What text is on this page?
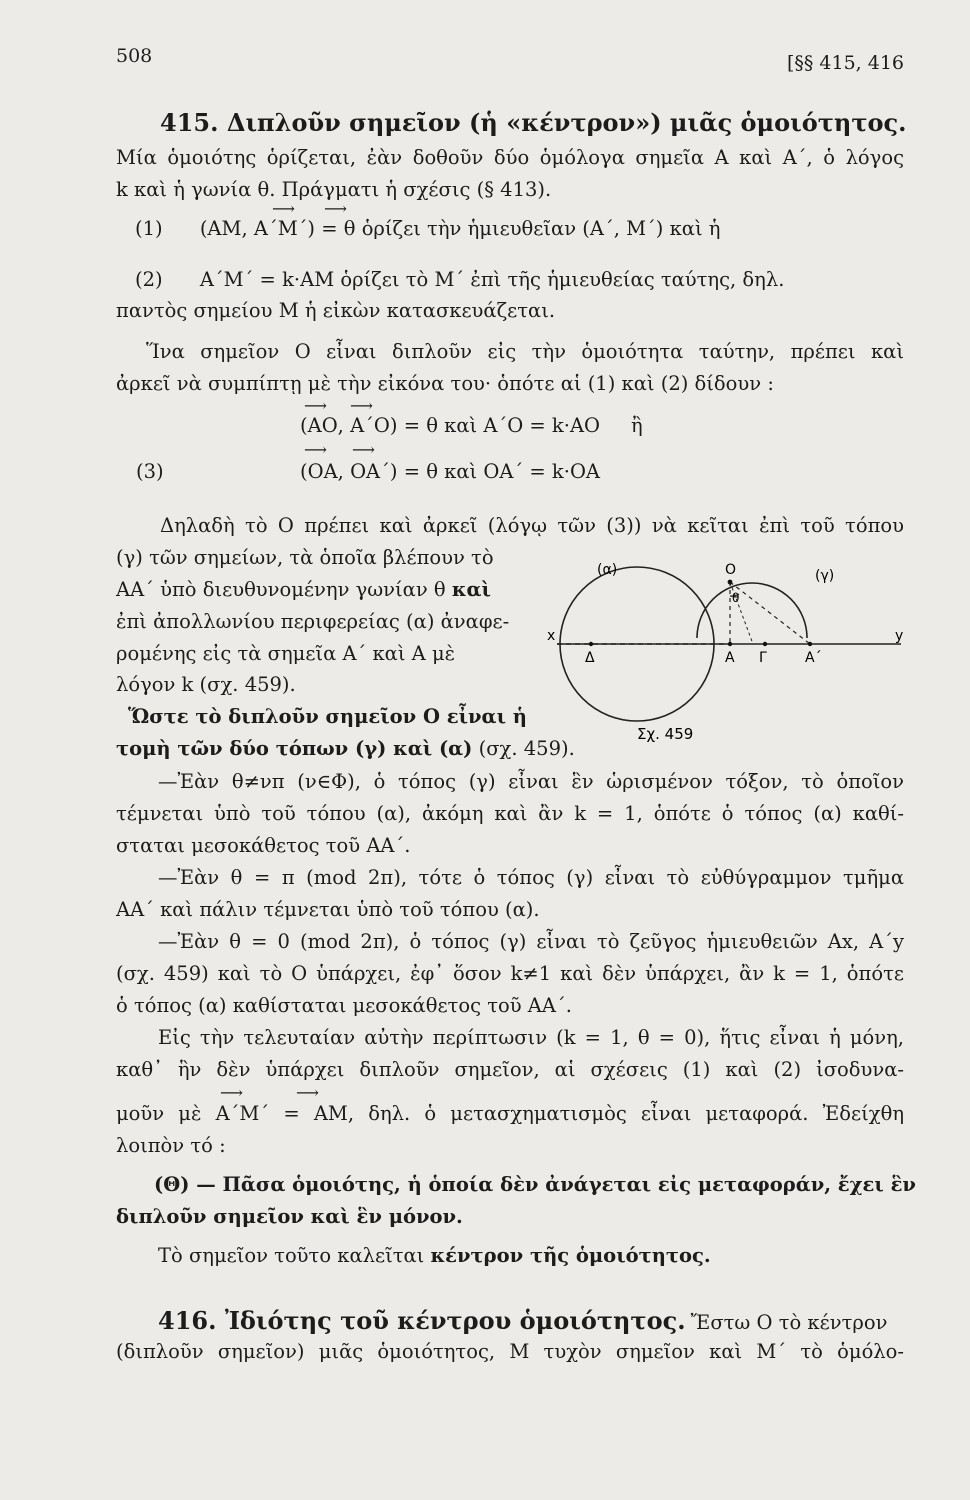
508	[§§ 415, 416
415. Διπλοῦν σημεῖον (ἡ «κέντρον») μιᾶς ὁμοιότητος.
Μία ὁμοιότης ὁρίζεται, ἐὰν δοθοῦν δύο ὁμόλογα σημεῖα Α καὶ Α΄, ὁ λόγος
k καὶ ἡ γωνία θ. Πράγματι ἡ σχέσις (§ 413).
⟶ ⟶
(1)      (ΑΜ, Α΄Μ΄) = θ ὁρίζει τὴν ἡμιευθεῖαν (Α΄, Μ΄) καὶ ἡ
(2)      Α΄Μ΄ = k·ΑΜ ὁρίζει τὸ Μ΄ ἐπὶ τῆς ἡμιευθείας ταύτης, δηλ.
παντὸς σημείου Μ ἡ εἰκὼν κατασκευάζεται.
Ἵνα σημεῖον Ο εἶναι διπλοῦν εἰς τὴν ὁμοιότητα ταύτην, πρέπει καὶ
ἀρκεῖ νὰ συμπίπτῃ μὲ τὴν εἰκόνα του· ὁπότε αἱ (1) καὶ (2) δίδουν :
⟶ ⟶
(ΑΟ, Α΄Ο) = θ καὶ Α΄Ο = k·ΑΟ     ἢ
⟶ ⟶
(3)	(ΟΑ, ΟΑ΄) = θ καὶ ΟΑ΄ = k·ΟΑ
Δηλαδὴ τὸ Ο πρέπει καὶ ἀρκεῖ (λόγῳ τῶν (3)) νὰ κεῖται ἐπὶ τοῦ τόπου
(γ) τῶν σημείων, τὰ ὁποῖα βλέπουν τὸ
ΑΑ΄ ὑπὸ διευθυνομένην γωνίαν θ καὶ
ἐπὶ ἀπολλωνίου περιφερείας (α) ἀναφε-
ρομένης εἰς τὰ σημεῖα Α΄ καὶ Α μὲ
λόγον k (σχ. 459).
Ὥστε τὸ διπλοῦν σημεῖον Ο εἶναι ἡ
τομὴ τῶν δύο τόπων (γ) καὶ (α) (σχ. 459).
x	y
(α)	(γ)
O
θ
Δ	Α Γ	Α΄
Σχ. 459
—Ἐὰν θ≠νπ (ν∈Φ), ὁ τόπος (γ) εἶναι ἓν ὡρισμένον τόξον, τὸ ὁποῖον
τέμνεται ὑπὸ τοῦ τόπου (α), ἀκόμη καὶ ἂν k = 1, ὁπότε ὁ τόπος (α) καθί-
σταται μεσοκάθετος τοῦ ΑΑ΄.
—Ἐὰν θ = π (mod 2π), τότε ὁ τόπος (γ) εἶναι τὸ εὐθύγραμμον τμῆμα
ΑΑ΄ καὶ πάλιν τέμνεται ὑπὸ τοῦ τόπου (α).
—Ἐὰν θ = 0 (mod 2π), ὁ τόπος (γ) εἶναι τὸ ζεῦγος ἡμιευθειῶν Αx, Α΄y
(σχ. 459) καὶ τὸ Ο ὑπάρχει, ἐφ᾽ ὅσον k≠1 καὶ δὲν ὑπάρχει, ἂν k = 1, ὁπότε
ὁ τόπος (α) καθίσταται μεσοκάθετος τοῦ ΑΑ΄.
Εἰς τὴν τελευταίαν αὐτὴν περίπτωσιν (k = 1, θ = 0), ἥτις εἶναι ἡ μόνη,
καθ᾽ ἣν δὲν ὑπάρχει διπλοῦν σημεῖον, αἱ σχέσεις (1) καὶ (2) ἰσοδυνα-
⟶	⟶
μοῦν μὲ Α΄Μ΄ = ΑΜ, δηλ. ὁ μετασχηματισμὸς εἶναι μεταφορά. Ἐδείχθη
λοιπὸν τό :
(Θ) — Πᾶσα ὁμοιότης, ἡ ὁποία δὲν ἀνάγεται εἰς μεταφοράν, ἔχει ἓν
διπλοῦν σημεῖον καὶ ἓν μόνον.
Τὸ σημεῖον τοῦτο καλεῖται κέντρον τῆς ὁμοιότητος.
416. Ἰδιότης τοῦ κέντρου ὁμοιότητος. Ἔστω Ο τὸ κέντρον
(διπλοῦν σημεῖον) μιᾶς ὁμοιότητος, Μ τυχὸν σημεῖον καὶ Μ΄ τὸ ὁμόλο-
